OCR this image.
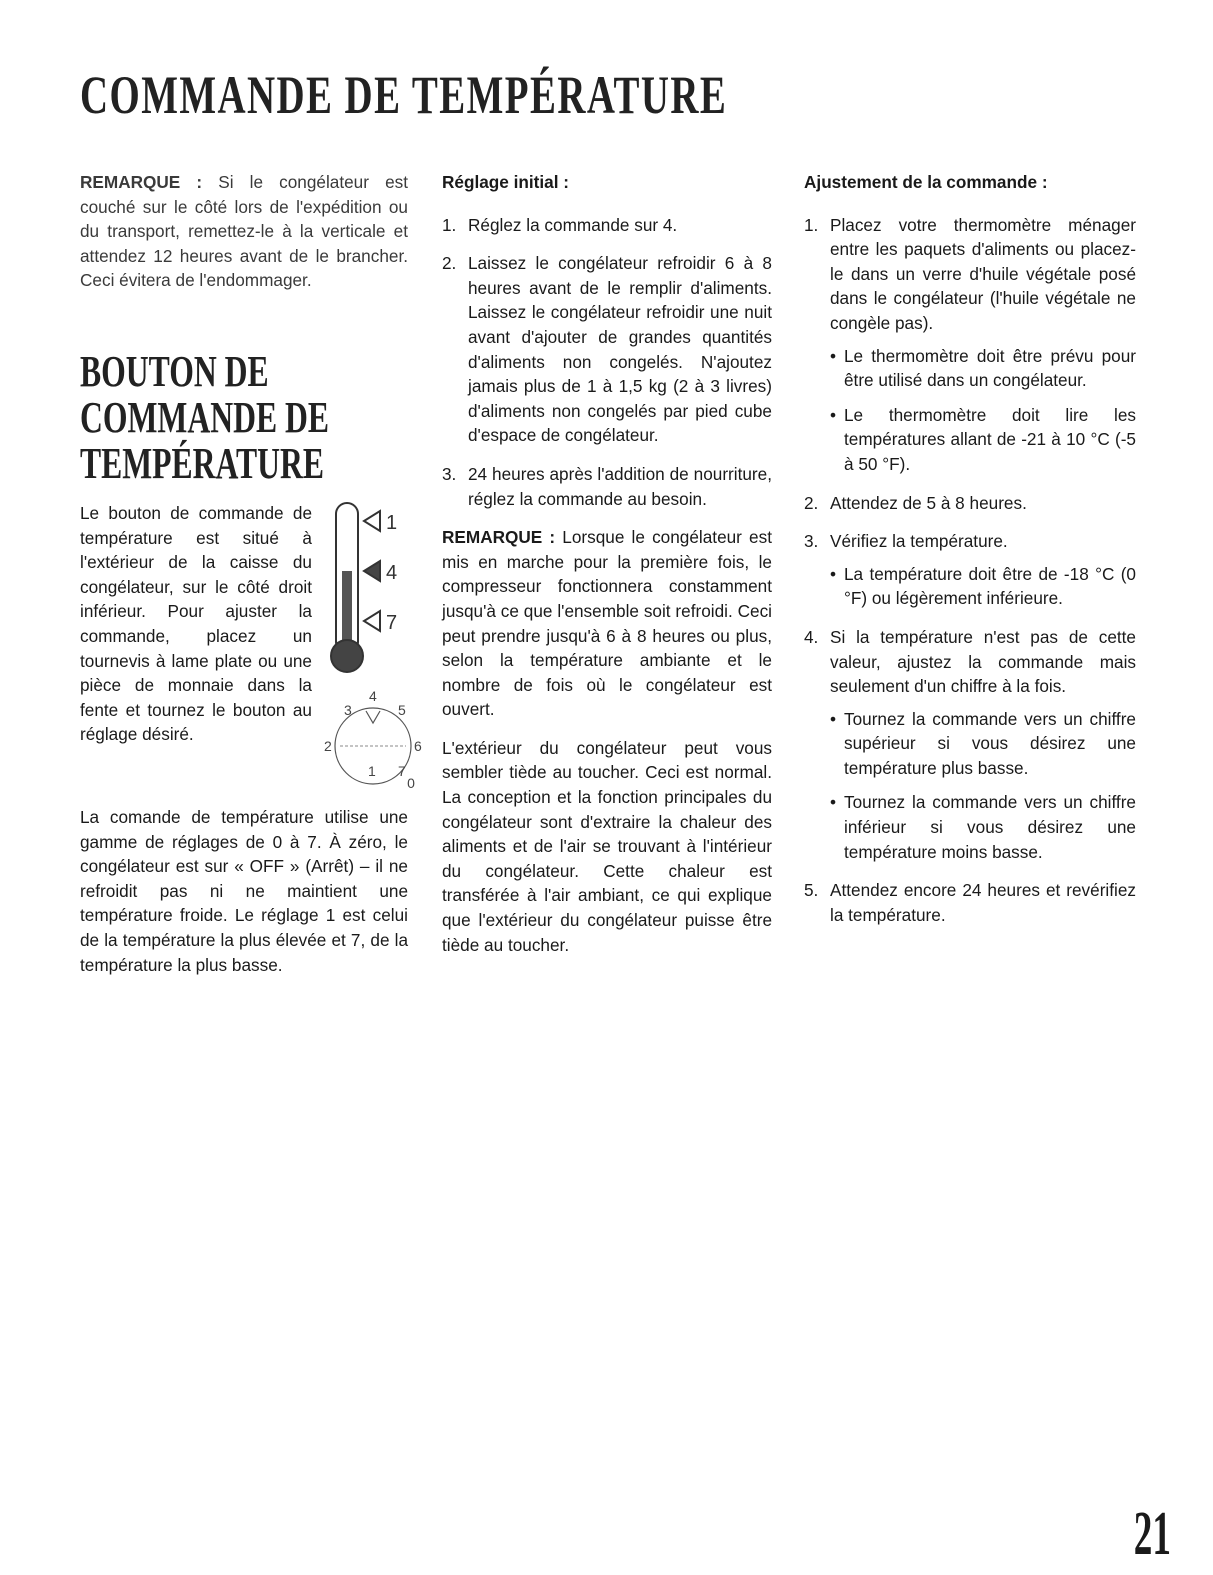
COMMANDE DE TEMPÉRATURE

REMARQUE : Si le congélateur est couché sur le côté lors de l'expédition ou du transport, remettez-le à la verticale et attendez 12 heures avant de le brancher. Ceci évitera de l'endommager.

BOUTON DE COMMANDE DE
TEMPÉRATURE
1
4
7
0
1
2
3
4
5
6
7

Le bouton de commande de température est situé à l'extérieur de la caisse du congélateur, sur le côté droit inférieur. Pour ajuster la commande, placez un tournevis à lame plate ou une pièce de monnaie dans la fente et tournez le bouton au réglage désiré.

La comande de température utilise une gamme de réglages de 0 à 7. À zéro, le congélateur est sur « OFF » (Arrêt) – il ne refroidit pas ni ne maintient une température froide. Le réglage 1 est celui de la température la plus élevée et 7, de la température la plus basse.

Réglage initial :
1. Réglez la commande sur 4.
2. Laissez le congélateur refroidir 6 à 8 heures avant de le remplir d'aliments. Laissez le congélateur refroidir une nuit avant d'ajouter de grandes quantités d'aliments non congelés. N'ajoutez jamais plus de 1 à 1,5 kg (2 à 3 livres) d'aliments non congelés par pied cube d'espace de congélateur.
3. 24 heures après l'addition de nourriture, réglez la commande au besoin.

REMARQUE : Lorsque le congélateur est mis en marche pour la première fois, le compresseur fonctionnera constamment jusqu'à ce que l'ensemble soit refroidi. Ceci peut prendre jusqu'à 6 à 8 heures ou plus, selon la température ambiante et le nombre de fois où le congélateur est ouvert.

L'extérieur du congélateur peut vous sembler tiède au toucher. Ceci est normal. La conception et la fonction principales du congélateur sont d'extraire la chaleur des aliments et de l'air se trouvant à l'intérieur du congélateur. Cette chaleur est transférée à l'air ambiant, ce qui explique que l'extérieur du congélateur puisse être tiède au toucher.

Ajustement de la commande :
1. Placez votre thermomètre ménager entre les paquets d'aliments ou placez-le dans un verre d'huile végétale posé dans le congélateur (l'huile végétale ne congèle pas).
• Le thermomètre doit être prévu pour être utilisé dans un congélateur.
• Le thermomètre doit lire les températures allant de -21 à 10 °C (-5 à 50 °F).
2. Attendez de 5 à 8 heures.
3. Vérifiez la température.
• La température doit être de -18 °C (0 °F) ou légèrement inférieure.
4. Si la température n'est pas de cette valeur, ajustez la commande mais seulement d'un chiffre à la fois.
• Tournez la commande vers un chiffre supérieur si vous désirez une température plus basse.
• Tournez la commande vers un chiffre inférieur si vous désirez une température moins basse.
5. Attendez encore 24 heures et revérifiez la température.
21
